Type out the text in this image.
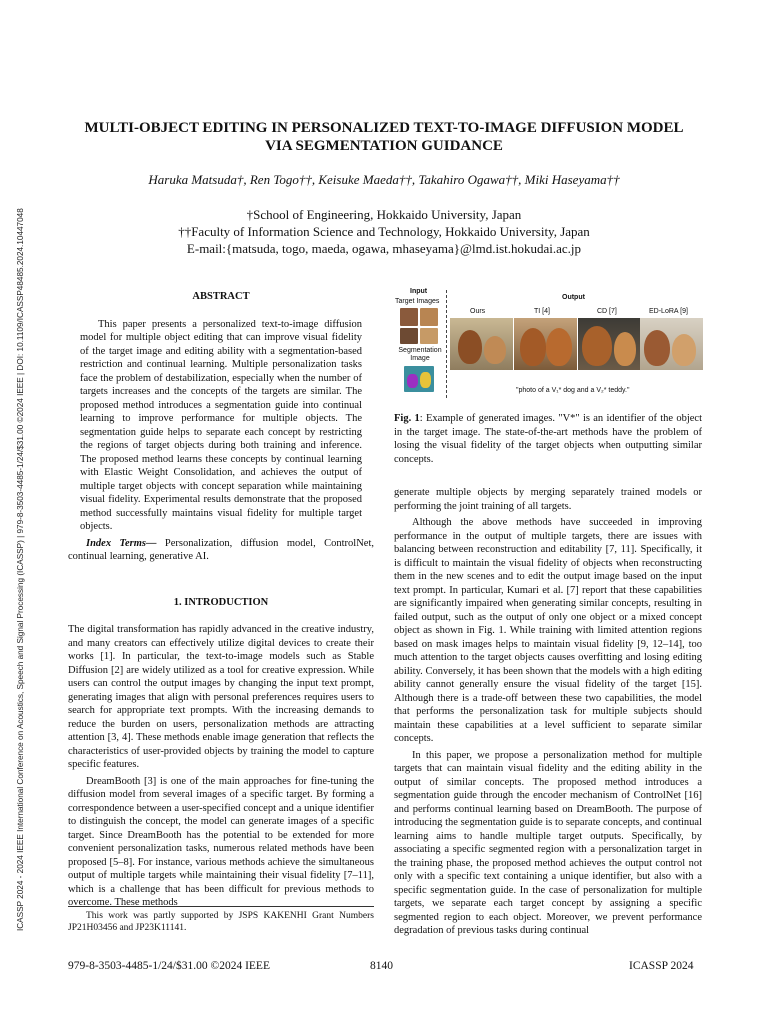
ICASSP 2024 - 2024 IEEE International Conference on Acoustics, Speech and Signal Processing (ICASSP) | 979-8-3503-4485-1/24/$31.00 ©2024 IEEE | DOI: 10.1109/ICASSP48485.2024.10447048
MULTI-OBJECT EDITING IN PERSONALIZED TEXT-TO-IMAGE DIFFUSION MODEL
VIA SEGMENTATION GUIDANCE
Haruka Matsuda†, Ren Togo††, Keisuke Maeda††, Takahiro Ogawa††, Miki Haseyama††
†School of Engineering, Hokkaido University, Japan
††Faculty of Information Science and Technology, Hokkaido University, Japan
E-mail:{matsuda, togo, maeda, ogawa, mhaseyama}@lmd.ist.hokudai.ac.jp
ABSTRACT

This paper presents a personalized text-to-image diffusion model for multiple object editing that can improve visual fidelity of the target image and editing ability with a segmentation-based restriction and continual learning. Multiple personalization tasks face the problem of destabilization, especially when the number of targets increases and the concepts of the targets are similar. The proposed method introduces a segmentation guide into continual learning to improve performance for multiple objects. The segmentation guide helps to separate each concept by restricting the regions of target objects during both training and inference. The proposed method learns these concepts by continual learning with Elastic Weight Consolidation, and achieves the output of multiple target objects with concept separation while maintaining visual fidelity. Experimental results demonstrate that the proposed method successfully maintains visual fidelity for multiple target objects.

Index Terms— Personalization, diffusion model, ControlNet, continual learning, generative AI.

1. INTRODUCTION

The digital transformation has rapidly advanced in the creative industry, and many creators can effectively utilize digital devices to create their works [1]. In particular, the text-to-image models such as Stable Diffusion [2] are widely utilized as a tool for creative expression. While users can control the output images by changing the input text prompt, generating images that align with personal preferences requires users to search for appropriate text prompts. With the increasing demands to reduce the burden on users, personalization methods are attracting attention [3, 4]. These methods enable image generation that reflects the characteristics of user-provided objects by training the model to capture specific features.

DreamBooth [3] is one of the main approaches for fine-tuning the diffusion model from several images of a specific target. By forming a correspondence between a user-specified concept and a unique identifier to distinguish the concept, the model can generate images of a specific target. Since DreamBooth has the potential to be extended for more convenient personalization tasks, numerous related methods have been proposed [5–8]. For instance, various methods achieve the simultaneous output of multiple targets while maintaining their visual fidelity [7–11], which is a challenge that has been difficult for previous methods to overcome. These methods

This work was partly supported by JSPS KAKENHI Grant Numbers JP21H03456 and JP23K11141.

Input
Target Images
Segmentation Image
Output
Ours	TI [4]	CD [7]	ED-LoRA [9]
"photo of a V₁* dog and a V₂* teddy."
Fig. 1: Example of generated images. "V*" is an identifier of the object in the target image. The state-of-the-art methods have the problem of losing the visual fidelity of the target objects when outputting similar concepts.

generate multiple objects by merging separately trained models or performing the joint training of all targets.

Although the above methods have succeeded in improving performance in the output of multiple targets, there are issues with balancing between reconstruction and editability [7, 11]. Specifically, it is difficult to maintain the visual fidelity of objects when reconstructing them in the new scenes and to edit the output image based on the input text prompt. In particular, Kumari et al. [7] report that these capabilities are significantly impaired when generating similar concepts, resulting in failed output, such as the output of only one object or a mixed concept object as shown in Fig. 1. While training with limited attention regions based on mask images helps to maintain visual fidelity [9, 12–14], too much attention to the target objects causes overfitting and losing editing ability. Conversely, it has been shown that the models with a high editing ability cannot generally ensure the visual fidelity of the target [15]. Although there is a trade-off between these two capabilities, the model that performs the personalization task for multiple subjects should maintain these capabilities at a level sufficient to separate similar concepts.

In this paper, we propose a personalization method for multiple targets that can maintain visual fidelity and the editing ability in the output of similar concepts. The proposed method introduces a segmentation guide through the encoder mechanism of ControlNet [16] and performs continual learning based on DreamBooth. The purpose of introducing the segmentation guide is to separate concepts, and continual learning aims to handle multiple target outputs. Specifically, by associating a specific segmented region with a personalization target in the training phase, the proposed method achieves the output control not only with a specific text containing a unique identifier, but also with a specific segmentation guide. In the case of personalization for multiple targets, we separate each target concept by assigning a specific segmented region to each object. Moreover, we prevent performance degradation of previous tasks during continual

979-8-3503-4485-1/24/$31.00 ©2024 IEEE	8140	ICASSP 2024
